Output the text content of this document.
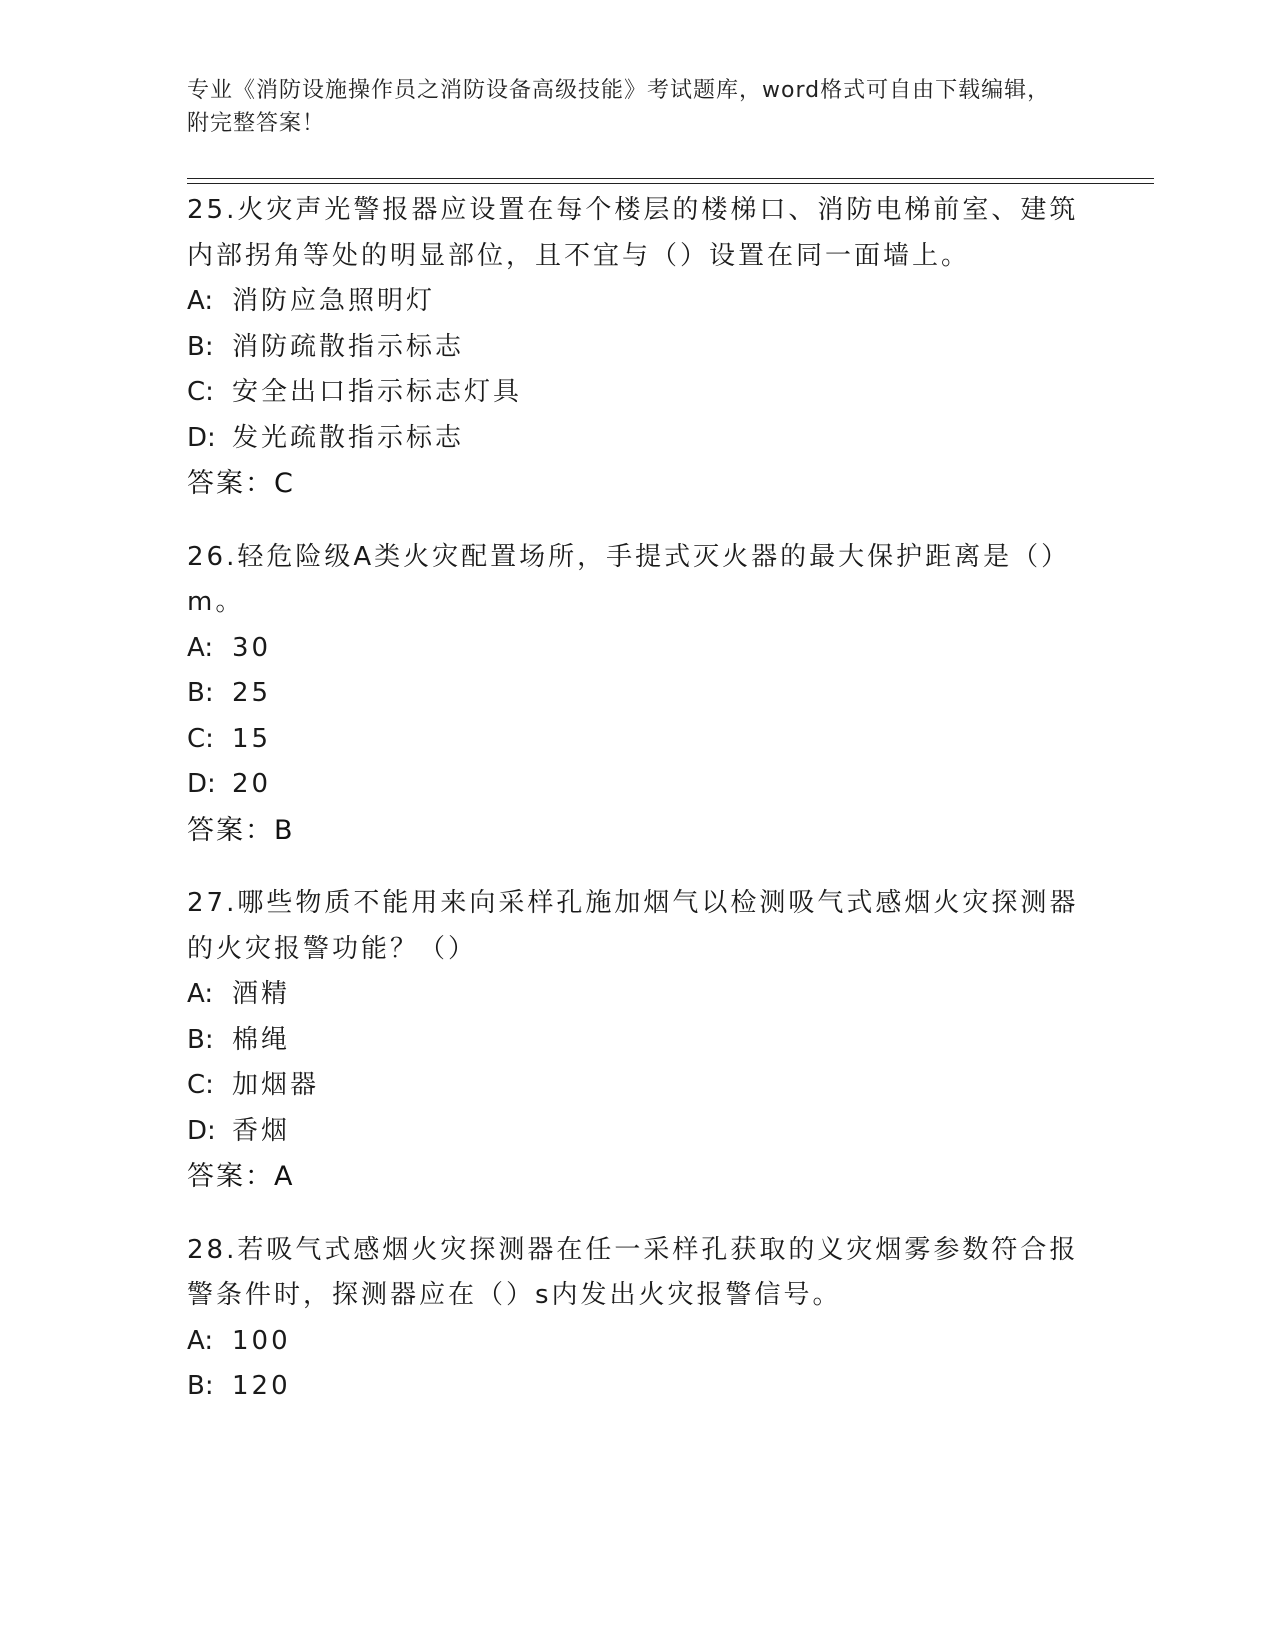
专业《消防设施操作员之消防设备高级技能》考试题库，word格式可自由下载编辑，附完整答案！
25.火灾声光警报器应设置在每个楼层的楼梯口、消防电梯前室、建筑内部拐角等处的明显部位，且不宜与（）设置在同一面墙上。
A: 消防应急照明灯
B: 消防疏散指示标志
C: 安全出口指示标志灯具
D: 发光疏散指示标志
答案：C
26.轻危险级A类火灾配置场所，手提式灭火器的最大保护距离是（）m。
A: 30
B: 25
C: 15
D: 20
答案：B
27.哪些物质不能用来向采样孔施加烟气以检测吸气式感烟火灾探测器的火灾报警功能？（）
A: 酒精
B: 棉绳
C: 加烟器
D: 香烟
答案：A
28.若吸气式感烟火灾探测器在任一采样孔获取的义灾烟雾参数符合报警条件时，探测器应在（）s内发出火灾报警信号。
A: 100
B: 120
